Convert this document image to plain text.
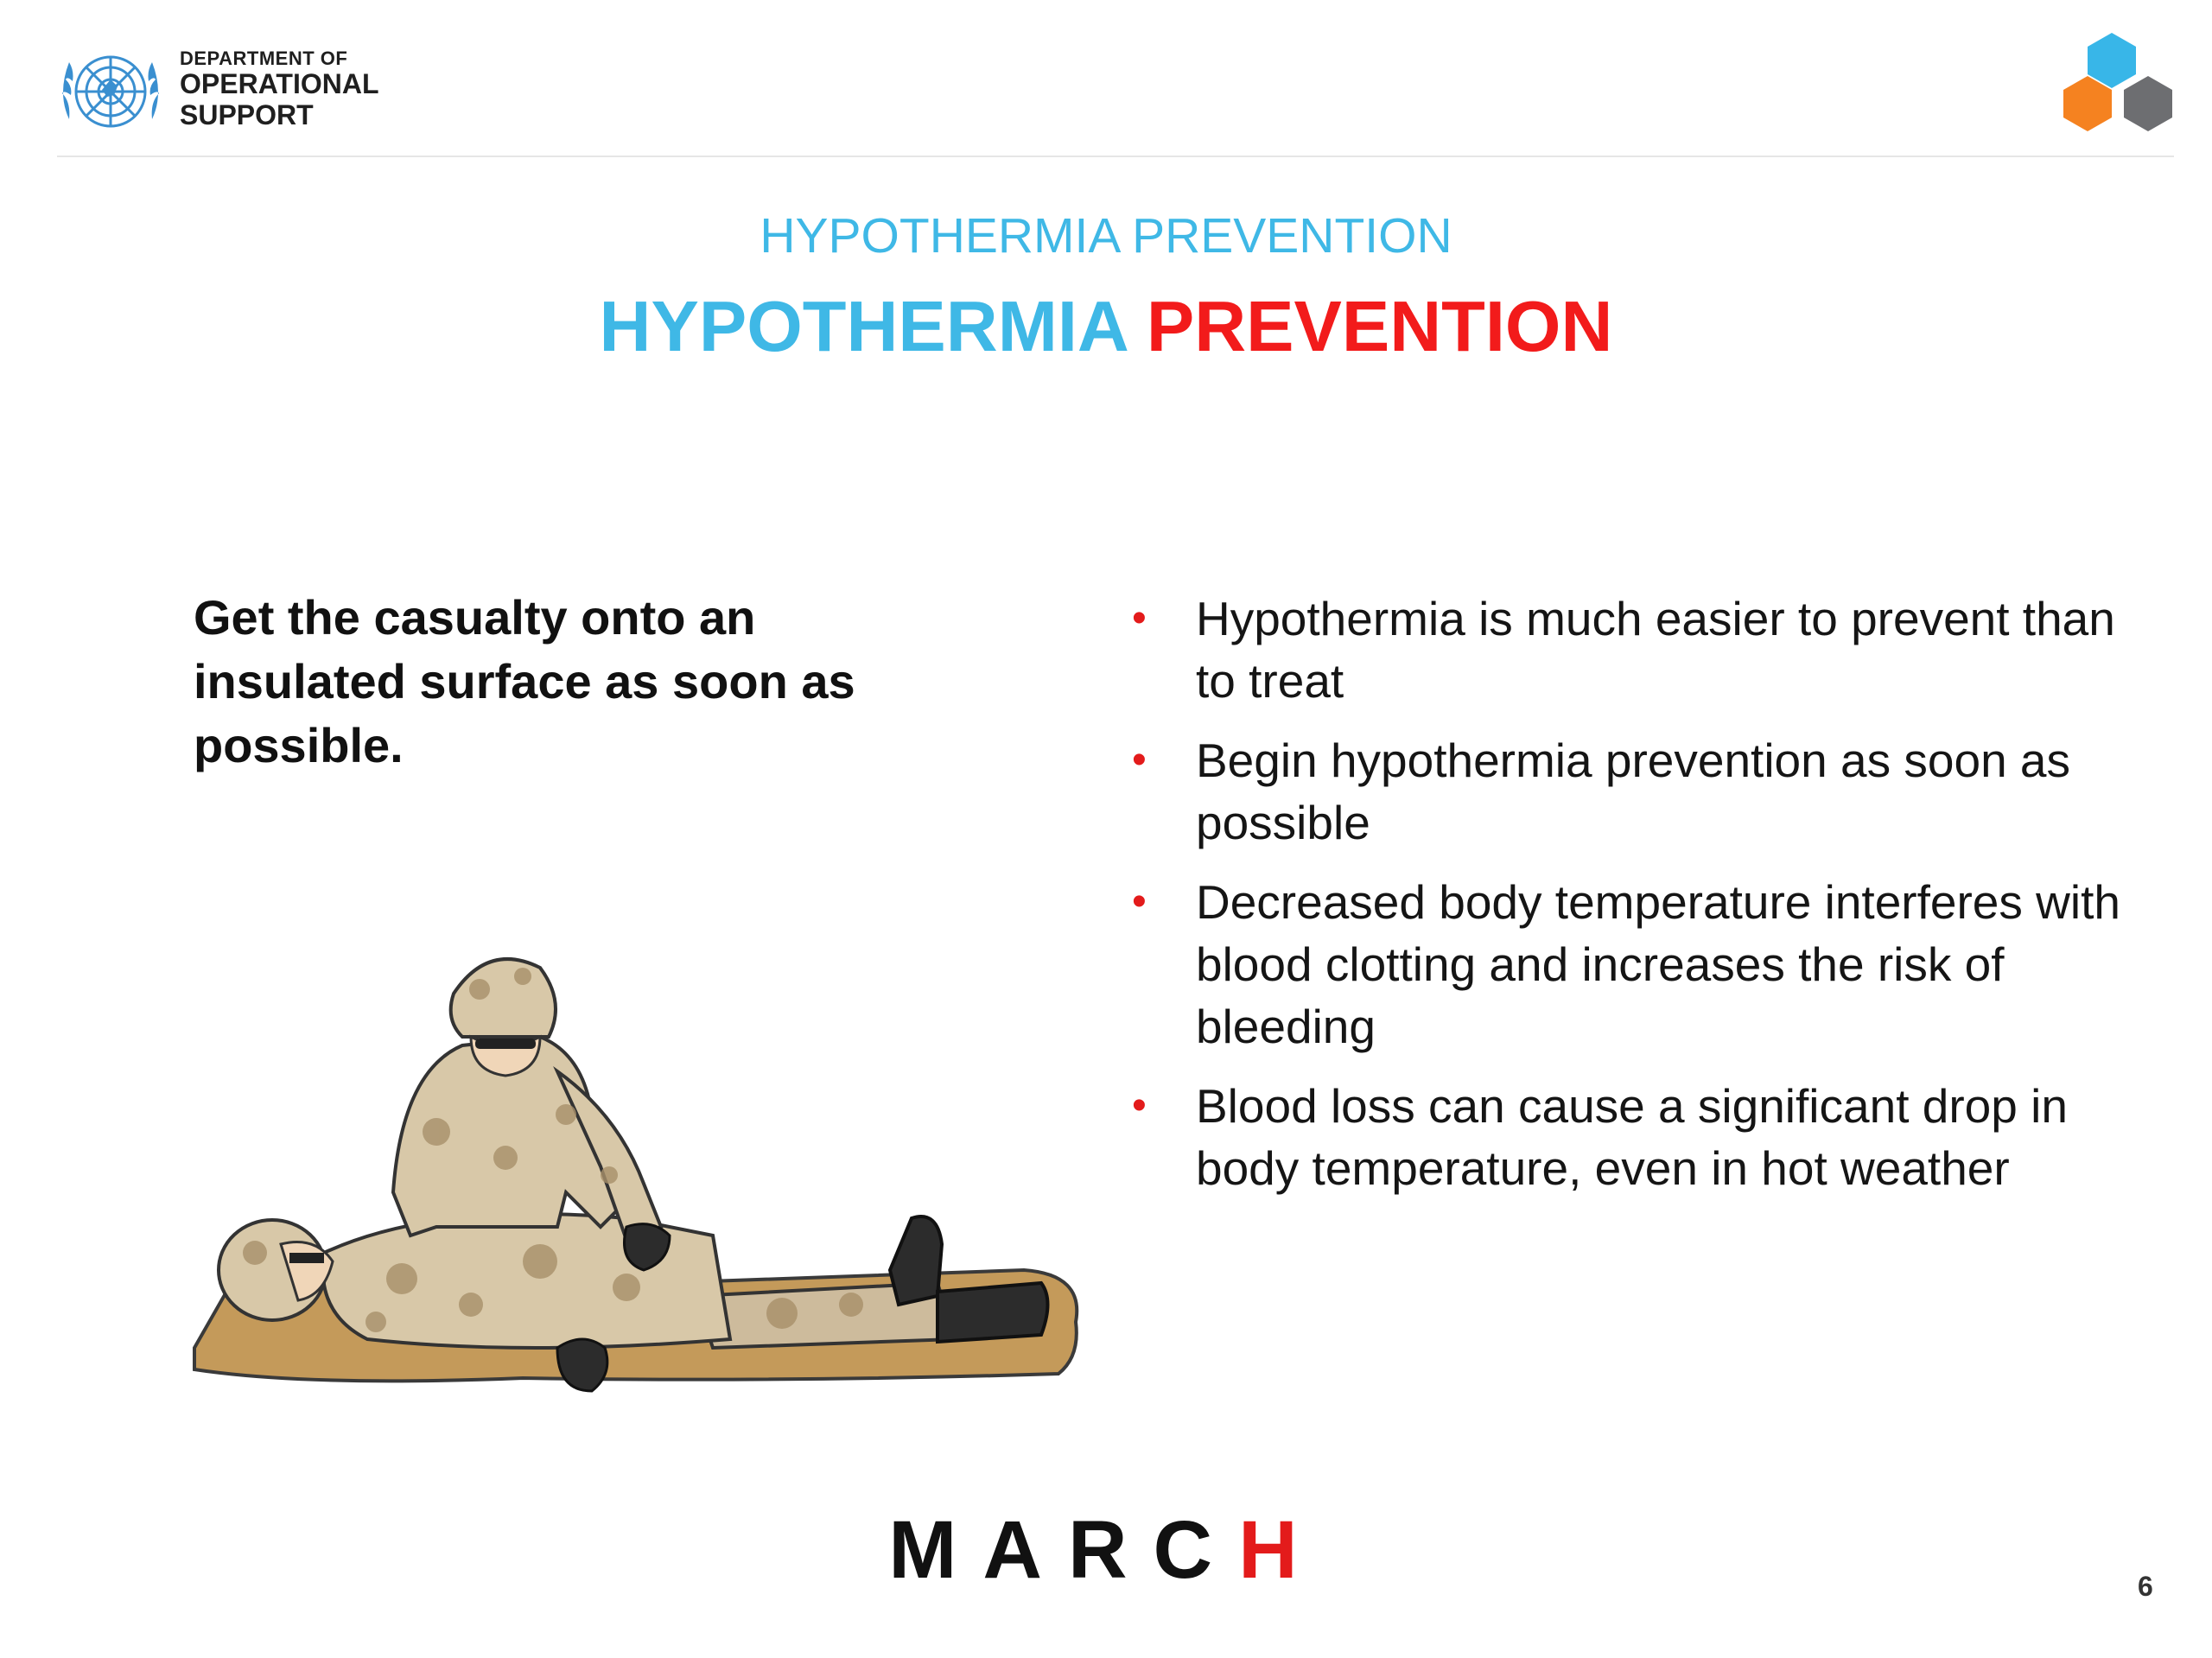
DEPARTMENT OF
OPERATIONAL
SUPPORT
HYPOTHERMIA PREVENTION
HYPOTHERMIA PREVENTION
Get the casualty onto an insulated surface as soon as possible.
• Hypothermia is much easier to prevent than to treat
• Begin hypothermia prevention as soon as possible
• Decreased body temperature interferes with blood clotting and increases the risk of bleeding
• Blood loss can cause a significant drop in body temperature, even in hot weather
MARCH	6
